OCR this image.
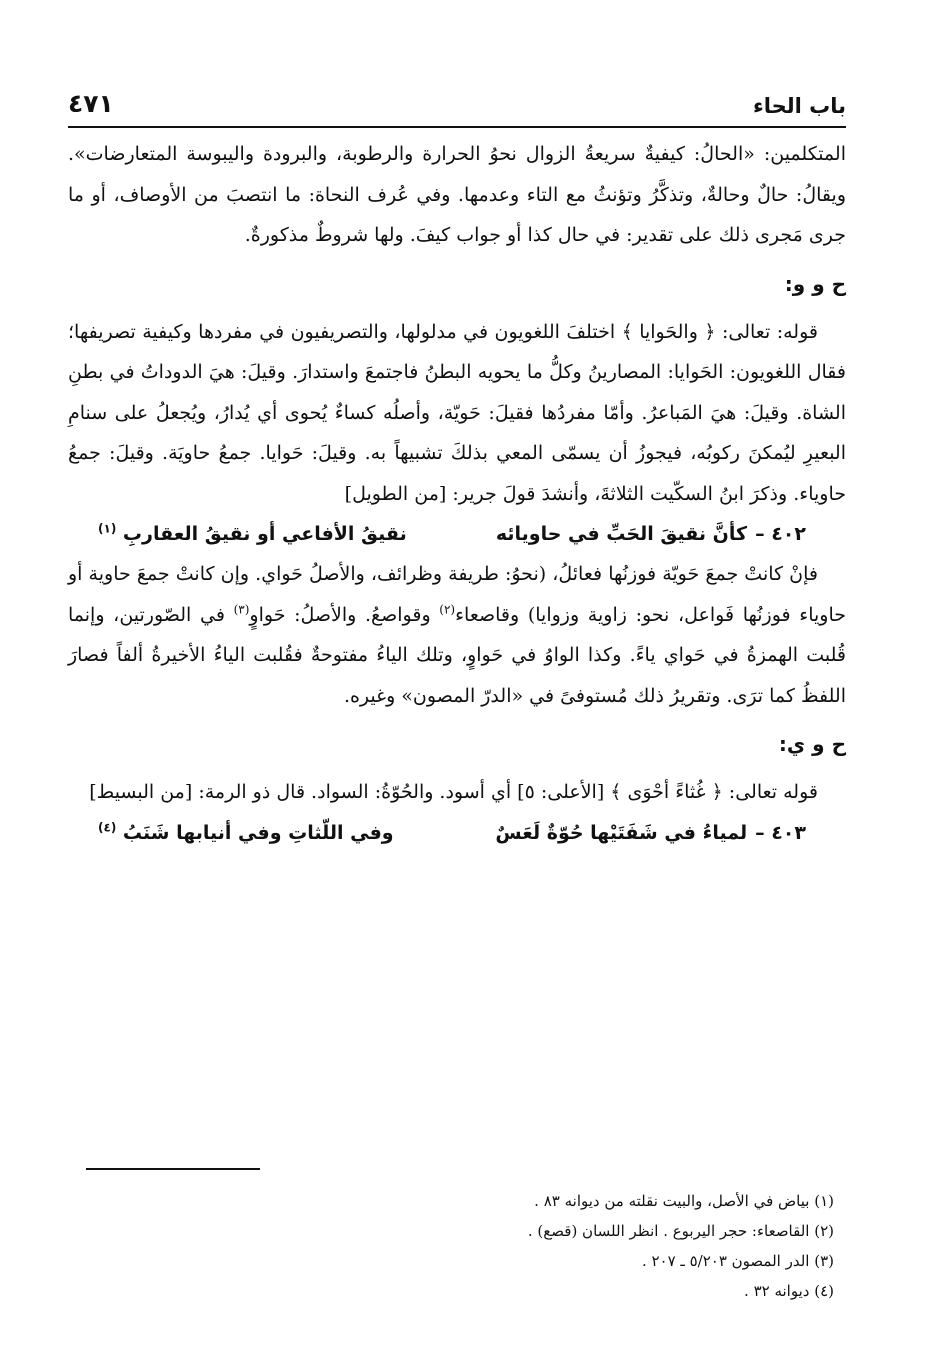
باب الحاء
٤٧١

المتكلمين: «الحالُ: كيفيةٌ سريعةُ الزوال نحوُ الحرارة والرطوبة، والبرودة واليبوسة المتعارضات». ويقالُ: حالٌ وحالةٌ، وتذكَّرُ وتؤنثُ مع التاء وعدمها. وفي عُرف النحاة: ما انتصبَ من الأوصاف، أو ما جرى مَجرى ذلك على تقدير: في حال كذا أو جواب كيفَ. ولها شروطٌ مذكورةٌ.

ح و و:

قوله: تعالى: ﴿ والحَوايا ﴾ اختلفَ اللغويون في مدلولها، والتصريفيون في مفردها وكيفية تصريفها؛ فقال اللغويون: الحَوايا: المصارينُ وكلُّ ما يحويه البطنُ فاجتمعَ واستدارَ. وقيلَ: هيَ الدوداتُ في بطنِ الشاة. وقيلَ: هيَ المَباعرُ. وأمّا مفردُها فقيلَ: حَويّة، وأصلُه كساءٌ يُحوى أي يُدارُ، ويُجعلُ على سنامِ البعيرِ ليُمكنَ ركوبُه، فيجوزُ أن يسمّى المعي بذلكَ تشبيهاً به. وقيلَ: حَوايا. جمعُ حاويَة. وقيلَ: جمعُ حاوياء. وذكرَ ابنُ السكّيت الثلاثةَ، وأنشدَ قولَ جرير: [من الطويل]

٤٠٢ –كأنَّ نقيقَ الحَبِّ في حاويائه
نقيقُ الأفاعي أو نقيقُ العقاربِ $^{(١)}$

فإنْ كانتْ جمعَ حَويّة فوزنُها فعائلُ، (نحوُ: طريفة وظرائف، والأصلُ حَواي. وإن كانتْ جمعَ حاوية أو حاوياء فوزنُها فَواعل، نحو: زاوية وزوايا) وقاصعاء$^{(٢)}$ وقواصعُ. والأصلُ: حَواوٍ$^{(٣)}$ في الصّورتين، وإنما قُلبت الهمزةُ في حَواي ياءً. وكذا الواوُ في حَواوٍ، وتلك الياءُ مفتوحةٌ فقُلبت الياءُ الأخيرةُ ألفاً فصارَ اللفظُ كما ترَى. وتقريرُ ذلك مُستوفىً في «الدرّ المصون» وغيره.

ح و ي:

قوله تعالى: ﴿ غُثاءً أحْوَى ﴾ [الأعلى: ٥] أي أسود. والحُوّةُ: السواد. قال ذو الرمة: [من البسيط]

٤٠٣ –لمياءُ في شَفَتَيْها حُوّةٌ لَعَسٌ
وفي اللّثاتِ وفي أنيابها شَنَبُ $^{(٤)}$
(١) بياض في الأصل، والبيت نقلته من ديوانه ٨٣ .
(٢) القاصعاء: حجر اليربوع . انظر اللسان (قصع) .
(٣) الدر المصون ٥/٢٠٣ ـ ٢٠٧ .
(٤) ديوانه ٣٢ .
